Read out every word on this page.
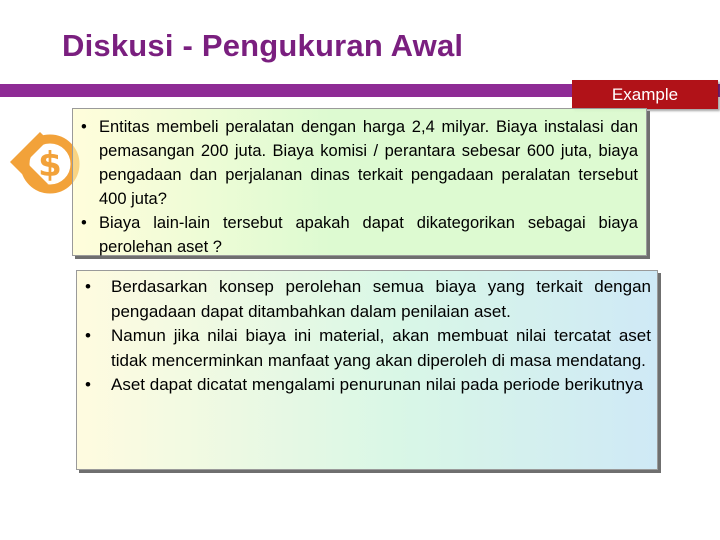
Diskusi - Pengukuran Awal
Example
$
• Entitas membeli peralatan dengan harga 2,4 milyar. Biaya instalasi dan pemasangan 200 juta. Biaya komisi / perantara sebesar 600 juta, biaya pengadaan dan perjalanan dinas terkait pengadaan peralatan tersebut 400 juta?
• Biaya lain-lain tersebut apakah dapat dikategorikan sebagai biaya perolehan aset ?
• Berdasarkan konsep perolehan semua biaya yang terkait dengan pengadaan dapat ditambahkan dalam penilaian aset.
• Namun jika nilai biaya ini material, akan membuat nilai tercatat aset tidak mencerminkan manfaat yang akan diperoleh di masa mendatang.
• Aset dapat dicatat mengalami penurunan nilai pada periode berikutnya
